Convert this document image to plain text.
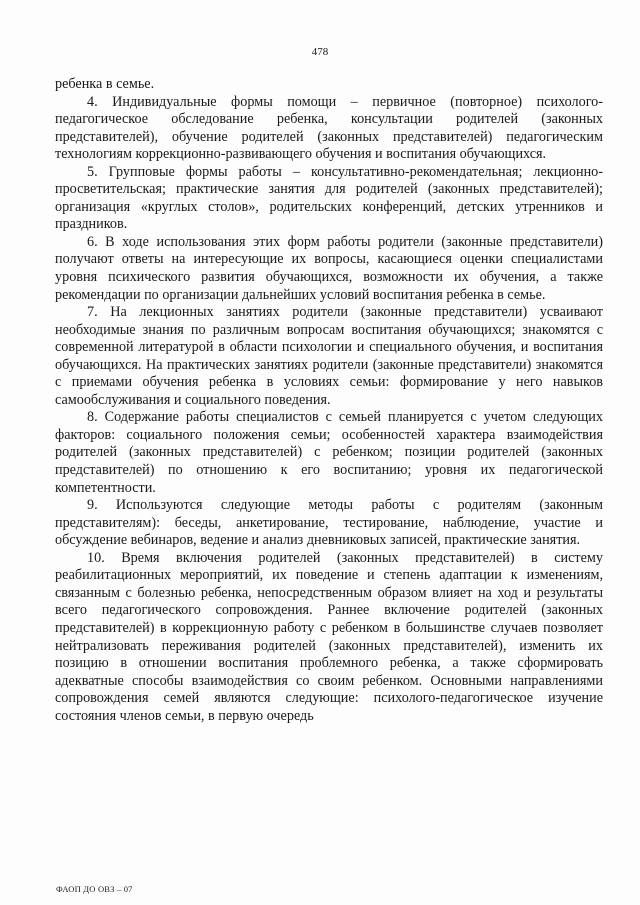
478

ребенка в семье.

4. Индивидуальные формы помощи – первичное (повторное) психолого-педагогическое обследование ребенка, консультации родителей (законных представителей), обучение родителей (законных представителей) педагогическим технологиям коррекционно-развивающего обучения и воспитания обучающихся.

5. Групповые формы работы – консультативно-рекомендательная; лекционно-просветительская; практические занятия для родителей (законных представителей); организация «круглых столов», родительских конференций, детских утренников и праздников.

6. В ходе использования этих форм работы родители (законные представители) получают ответы на интересующие их вопросы, касающиеся оценки специалистами уровня психического развития обучающихся, возможности их обучения, а также рекомендации по организации дальнейших условий воспитания ребенка в семье.

7. На лекционных занятиях родители (законные представители) усваивают необходимые знания по различным вопросам воспитания обучающихся; знакомятся с современной литературой в области психологии и специального обучения, и воспитания обучающихся. На практических занятиях родители (законные представители) знакомятся с приемами обучения ребенка в условиях семьи: формирование у него навыков самообслуживания и социального поведения.

8. Содержание работы специалистов с семьей планируется с учетом следующих факторов: социального положения семьи; особенностей характера взаимодействия родителей (законных представителей) с ребенком; позиции родителей (законных представителей) по отношению к его воспитанию; уровня их педагогической компетентности.

9. Используются следующие методы работы с родителям (законным представителям): беседы, анкетирование, тестирование, наблюдение, участие и обсуждение вебинаров, ведение и анализ дневниковых записей, практические занятия.

10. Время включения родителей (законных представителей) в систему реабилитационных мероприятий, их поведение и степень адаптации к изменениям, связанным с болезнью ребенка, непосредственным образом влияет на ход и результаты всего педагогического сопровождения. Раннее включение родителей (законных представителей) в коррекционную работу с ребенком в большинстве случаев позволяет нейтрализовать переживания родителей (законных представителей), изменить их позицию в отношении воспитания проблемного ребенка, а также сформировать адекватные способы взаимодействия со своим ребенком. Основными направлениями сопровождения семей являются следующие: психолого-педагогическое изучение состояния членов семьи, в первую очередь

ФАОП ДО ОВЗ – 07
